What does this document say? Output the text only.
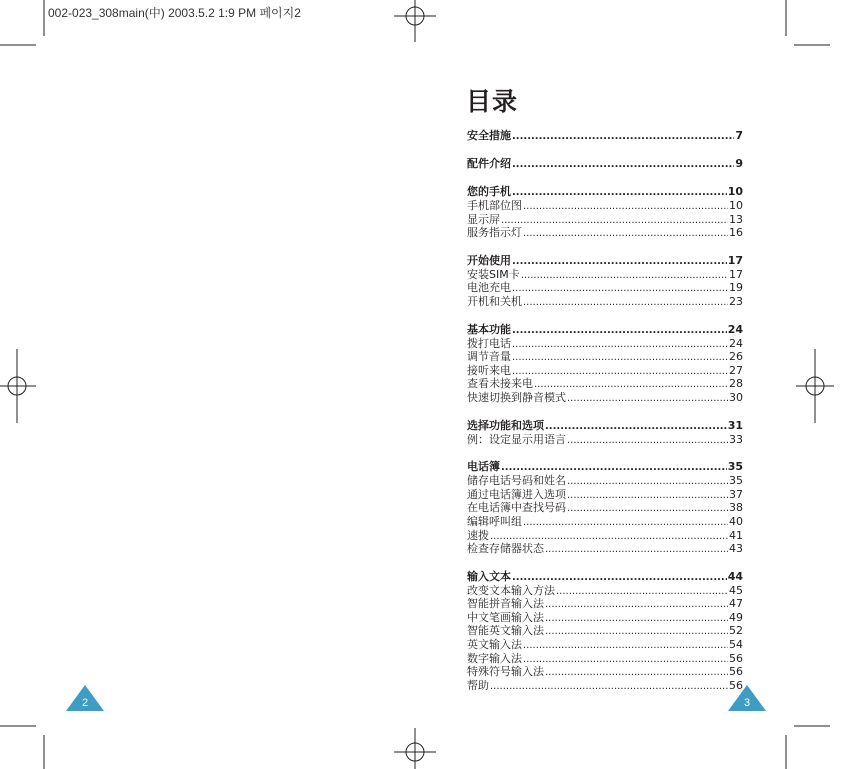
002-023_308main(中) 2003.5.2 1:9 PM 페이지2
目录
安全措施 .....	7
配件介绍 .....	9
您的手机 .....	10
手机部位图 .....	10
显示屏 .....	13
服务指示灯 .....	16
开始使用 .....	17
安装SIM卡 .....	17
电池充电 .....	19
开机和关机 .....	23
基本功能 .....	24
拨打电话 .....	24
调节音量 .....	26
接听来电 .....	27
查看未接来电 .....	28
快速切换到静音模式 .....	30
选择功能和选项 .....	31
例：设定显示用语言 .....	33
电话簿 .....	35
储存电话号码和姓名 .....	35
通过电话簿进入选项 .....	37
在电话簿中查找号码 .....	38
编辑呼叫组 .....	40
速拨 .....	41
检查存储器状态 .....	43
输入文本 .....	44
改变文本输入方法 .....	45
智能拼音输入法 .....	47
中文笔画输入法 .....	49
智能英文输入法 .....	52
英文输入法 .....	54
数字输入法 .....	56
特殊符号输入法 .....	56
帮助 .....	56
2	3
